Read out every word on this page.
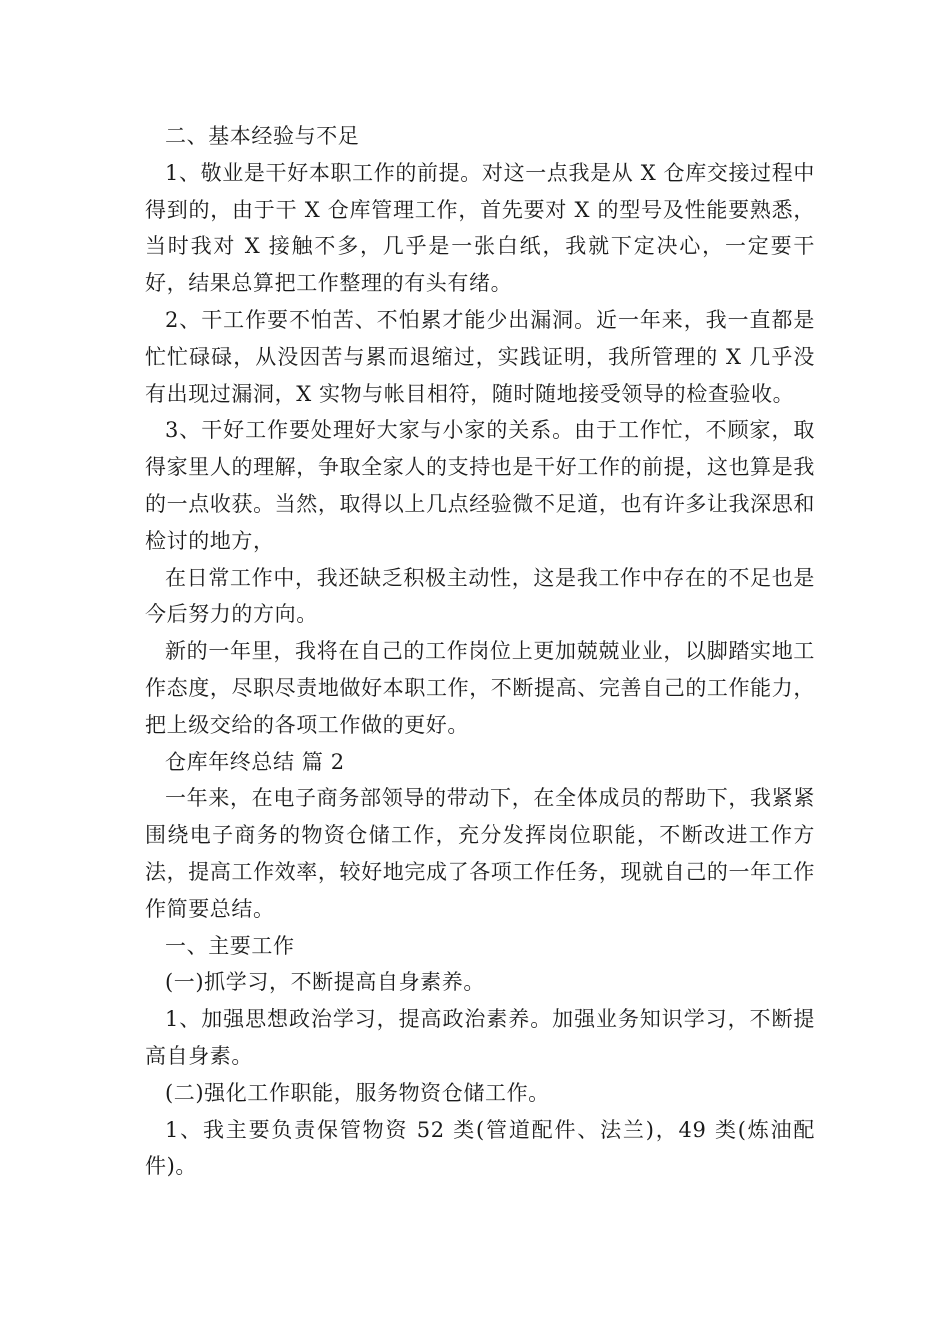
二、基本经验与不足

1、敬业是干好本职工作的前提。对这一点我是从 X 仓库交接过程中得到的，由于干 X 仓库管理工作，首先要对 X 的型号及性能要熟悉，当时我对 X 接触不多，几乎是一张白纸，我就下定决心，一定要干好，结果总算把工作整理的有头有绪。

2、干工作要不怕苦、不怕累才能少出漏洞。近一年来，我一直都是忙忙碌碌，从没因苦与累而退缩过，实践证明，我所管理的 X 几乎没有出现过漏洞，X 实物与帐目相符，随时随地接受领导的检查验收。

3、干好工作要处理好大家与小家的关系。由于工作忙，不顾家，取得家里人的理解，争取全家人的支持也是干好工作的前提，这也算是我的一点收获。当然，取得以上几点经验微不足道，也有许多让我深思和检讨的地方，

在日常工作中，我还缺乏积极主动性，这是我工作中存在的不足也是今后努力的方向。

新的一年里，我将在自己的工作岗位上更加兢兢业业，以脚踏实地工作态度，尽职尽责地做好本职工作，不断提高、完善自己的工作能力，把上级交给的各项工作做的更好。

仓库年终总结 篇 2

一年来，在电子商务部领导的带动下，在全体成员的帮助下，我紧紧围绕电子商务的物资仓储工作，充分发挥岗位职能，不断改进工作方法，提高工作效率，较好地完成了各项工作任务，现就自己的一年工作作简要总结。

一、主要工作

(一)抓学习，不断提高自身素养。

1、加强思想政治学习，提高政治素养。加强业务知识学习，不断提高自身素。

(二)强化工作职能，服务物资仓储工作。

1、我主要负责保管物资 52 类(管道配件、法兰)，49 类(炼油配件)。
